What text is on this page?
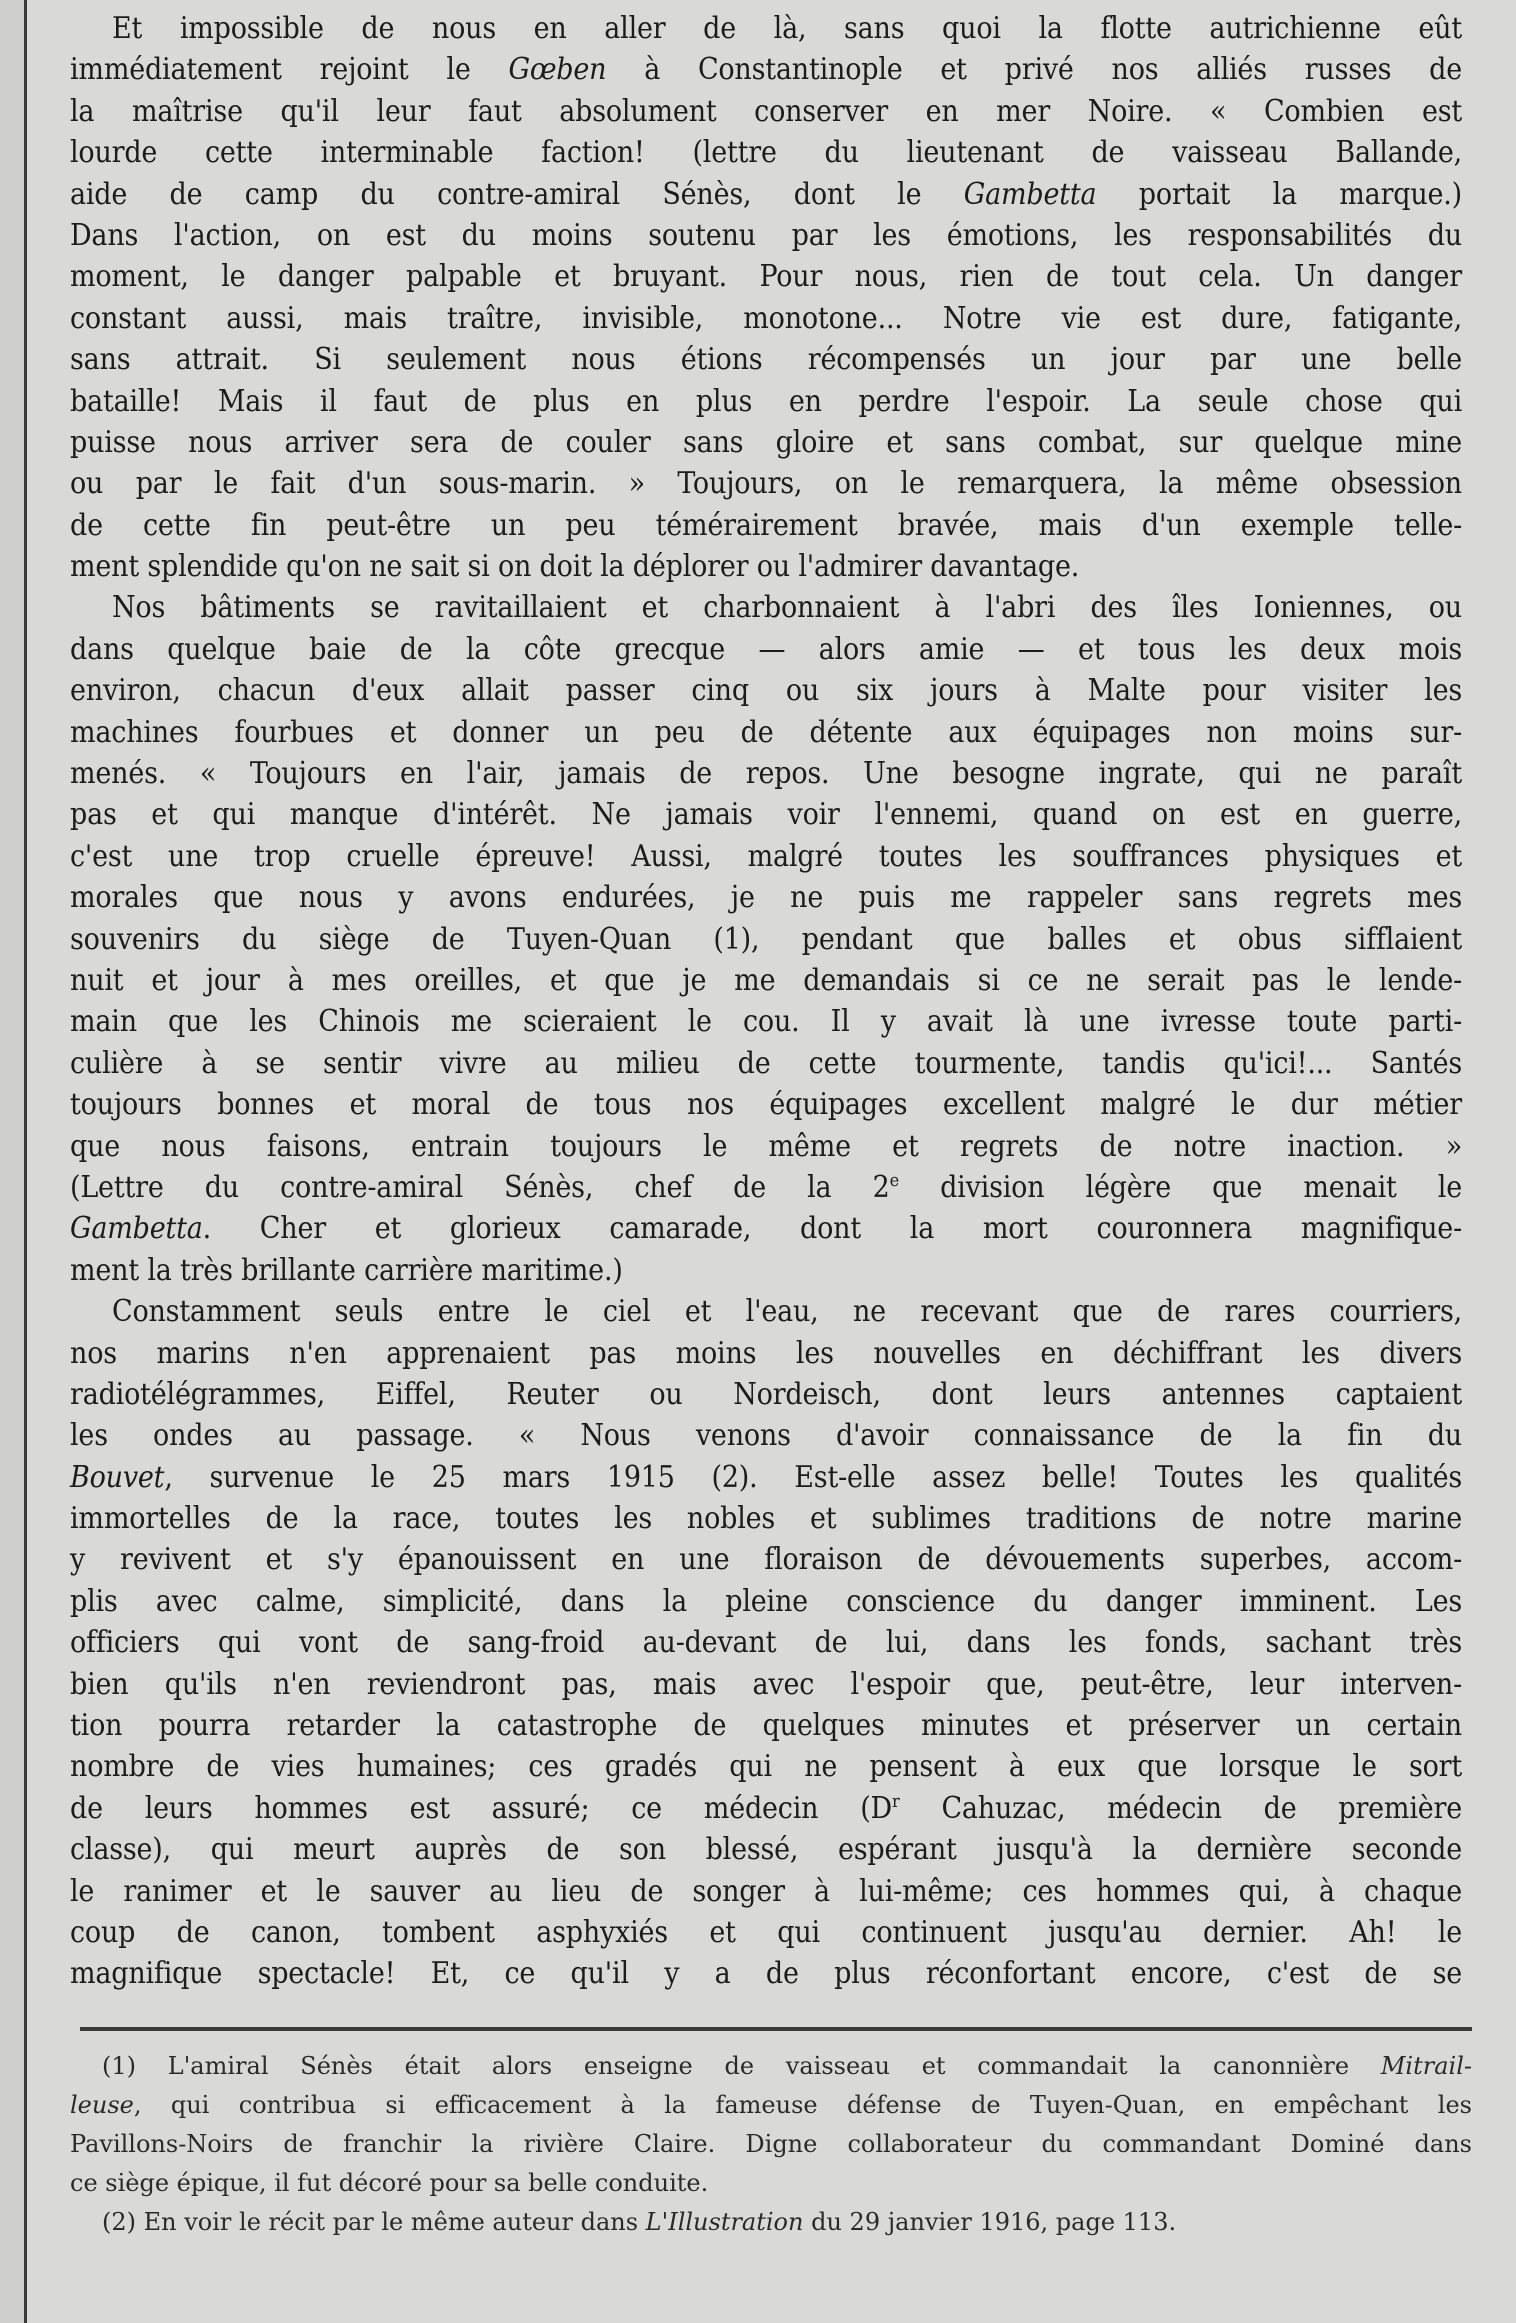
Et impossible de nous en aller de là, sans quoi la flotte autrichienne eût
immédiatement rejoint le Gœben à Constantinople et privé nos alliés russes de
la maîtrise qu'il leur faut absolument conserver en mer Noire. « Combien est
lourde cette interminable faction! (lettre du lieutenant de vaisseau Ballande,
aide de camp du contre-amiral Sénès, dont le Gambetta portait la marque.)
Dans l'action, on est du moins soutenu par les émotions, les responsabilités du
moment, le danger palpable et bruyant. Pour nous, rien de tout cela. Un danger
constant aussi, mais traître, invisible, monotone... Notre vie est dure, fatigante,
sans attrait. Si seulement nous étions récompensés un jour par une belle
bataille! Mais il faut de plus en plus en perdre l'espoir. La seule chose qui
puisse nous arriver sera de couler sans gloire et sans combat, sur quelque mine
ou par le fait d'un sous-marin. » Toujours, on le remarquera, la même obsession
de cette fin peut-être un peu témérairement bravée, mais d'un exemple telle-
ment splendide qu'on ne sait si on doit la déplorer ou l'admirer davantage.
Nos bâtiments se ravitaillaient et charbonnaient à l'abri des îles Ioniennes, ou
dans quelque baie de la côte grecque — alors amie — et tous les deux mois
environ, chacun d'eux allait passer cinq ou six jours à Malte pour visiter les
machines fourbues et donner un peu de détente aux équipages non moins sur-
menés. « Toujours en l'air, jamais de repos. Une besogne ingrate, qui ne paraît
pas et qui manque d'intérêt. Ne jamais voir l'ennemi, quand on est en guerre,
c'est une trop cruelle épreuve! Aussi, malgré toutes les souffrances physiques et
morales que nous y avons endurées, je ne puis me rappeler sans regrets mes
souvenirs du siège de Tuyen-Quan (1), pendant que balles et obus sifflaient
nuit et jour à mes oreilles, et que je me demandais si ce ne serait pas le lende-
main que les Chinois me scieraient le cou. Il y avait là une ivresse toute parti-
culière à se sentir vivre au milieu de cette tourmente, tandis qu'ici!... Santés
toujours bonnes et moral de tous nos équipages excellent malgré le dur métier
que nous faisons, entrain toujours le même et regrets de notre inaction. »
(Lettre du contre-amiral Sénès, chef de la 2e division légère que menait le
Gambetta. Cher et glorieux camarade, dont la mort couronnera magnifique-
ment la très brillante carrière maritime.)
Constamment seuls entre le ciel et l'eau, ne recevant que de rares courriers,
nos marins n'en apprenaient pas moins les nouvelles en déchiffrant les divers
radiotélégrammes, Eiffel, Reuter ou Nordeisch, dont leurs antennes captaient
les ondes au passage. « Nous venons d'avoir connaissance de la fin du
Bouvet, survenue le 25 mars 1915 (2). Est-elle assez belle! Toutes les qualités
immortelles de la race, toutes les nobles et sublimes traditions de notre marine
y revivent et s'y épanouissent en une floraison de dévouements superbes, accom-
plis avec calme, simplicité, dans la pleine conscience du danger imminent. Les
officiers qui vont de sang-froid au-devant de lui, dans les fonds, sachant très
bien qu'ils n'en reviendront pas, mais avec l'espoir que, peut-être, leur interven-
tion pourra retarder la catastrophe de quelques minutes et préserver un certain
nombre de vies humaines; ces gradés qui ne pensent à eux que lorsque le sort
de leurs hommes est assuré; ce médecin ($D^r$ Cahuzac, médecin de première
classe), qui meurt auprès de son blessé, espérant jusqu'à la dernière seconde
le ranimer et le sauver au lieu de songer à lui-même; ces hommes qui, à chaque
coup de canon, tombent asphyxiés et qui continuent jusqu'au dernier. Ah! le
magnifique spectacle! Et, ce qu'il y a de plus réconfortant encore, c'est de se
(1) L'amiral Sénès était alors enseigne de vaisseau et commandait la canonnière Mitrail-
leuse, qui contribua si efficacement à la fameuse défense de Tuyen-Quan, en empêchant les
Pavillons-Noirs de franchir la rivière Claire. Digne collaborateur du commandant Dominé dans
ce siège épique, il fut décoré pour sa belle conduite.
(2) En voir le récit par le même auteur dans L'Illustration du 29 janvier 1916, page 113.
